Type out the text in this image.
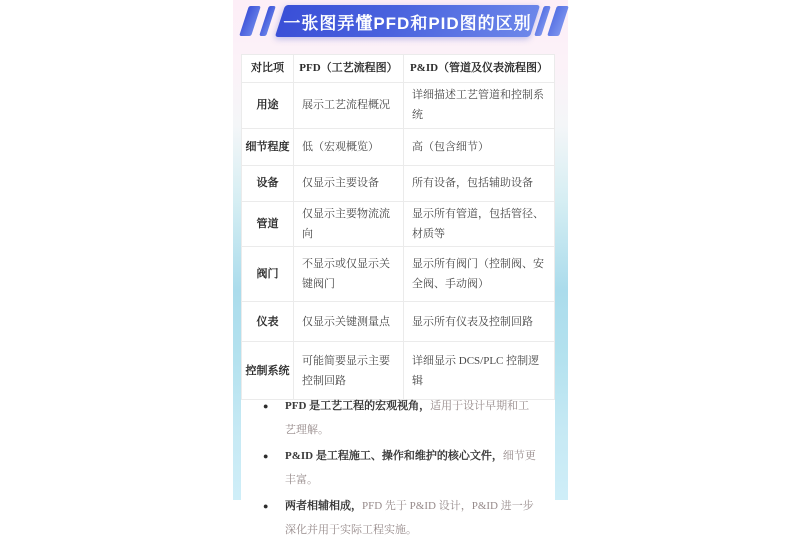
一张图弄懂PFD和PID图的区别
对比项	PFD（工艺流程图）	P&ID（管道及仪表流程图）
用途	展示工艺流程概况	详细描述工艺管道和控制系统
细节程度	低（宏观概览）	高（包含细节）
设备	仅显示主要设备	所有设备，包括辅助设备
管道	仅显示主要物流流向	显示所有管道，包括管径、材质等
阀门	不显示或仅显示关键阀门	显示所有阀门（控制阀、安全阀、手动阀）
仪表	仅显示关键测量点	显示所有仪表及控制回路
控制系统	可能简要显示主要控制回路	详细显示 DCS/PLC 控制逻辑
●	PFD 是工艺工程的宏观视角，适用于设计早期和工艺理解。
●	P&ID 是工程施工、操作和维护的核心文件，细节更丰富。
●	两者相辅相成，PFD 先于 P&ID 设计，P&ID 进一步深化并用于实际工程实施。
